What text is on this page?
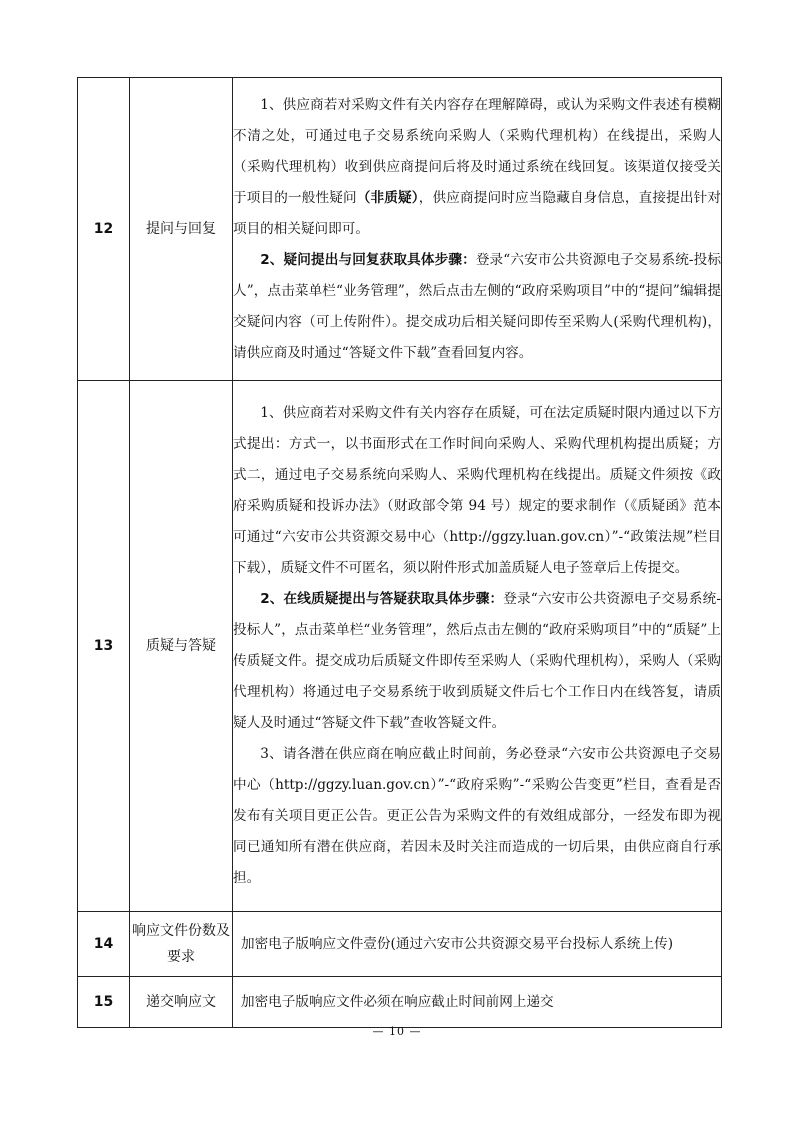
12	提问与回复	1、供应商若对采购文件有关内容存在理解障碍，或认为采购文件表述有模糊不清之处，可通过电子交易系统向采购人（采购代理机构）在线提出，采购人（采购代理机构）收到供应商提问后将及时通过系统在线回复。该渠道仅接受关于项目的一般性疑问（非质疑），供应商提问时应当隐藏自身信息，直接提出针对项目的相关疑问即可。

2、疑问提出与回复获取具体步骤：登录“六安市公共资源电子交易系统-投标人”，点击菜单栏“业务管理”，然后点击左侧的“政府采购项目”中的“提问”编辑提交疑问内容（可上传附件）。提交成功后相关疑问即传至采购人(采购代理机构)，请供应商及时通过“答疑文件下载”查看回复内容。

13	质疑与答疑	1、供应商若对采购文件有关内容存在质疑，可在法定质疑时限内通过以下方式提出：方式一，以书面形式在工作时间向采购人、采购代理机构提出质疑；方式二，通过电子交易系统向采购人、采购代理机构在线提出。质疑文件须按《政府采购质疑和投诉办法》（财政部令第 94 号）规定的要求制作（《质疑函》范本可通过“六安市公共资源交易中心（http://ggzy.luan.gov.cn）”-“政策法规”栏目下载），质疑文件不可匿名，须以附件形式加盖质疑人电子签章后上传提交。

2、在线质疑提出与答疑获取具体步骤：登录“六安市公共资源电子交易系统-投标人”，点击菜单栏“业务管理”，然后点击左侧的“政府采购项目”中的“质疑”上传质疑文件。提交成功后质疑文件即传至采购人（采购代理机构），采购人（采购代理机构）将通过电子交易系统于收到质疑文件后七个工作日内在线答复，请质疑人及时通过“答疑文件下载”查收答疑文件。

3、请各潜在供应商在响应截止时间前，务必登录“六安市公共资源电子交易中心（http://ggzy.luan.gov.cn）”-“政府采购”-“采购公告变更”栏目，查看是否发布有关项目更正公告。更正公告为采购文件的有效组成部分，一经发布即为视同已通知所有潜在供应商，若因未及时关注而造成的一切后果，由供应商自行承担。

14	响应文件份数及要求	加密电子版响应文件壹份(通过六安市公共资源交易平台投标人系统上传)

15	递交响应文	加密电子版响应文件必须在响应截止时间前网上递交

— 10 —
